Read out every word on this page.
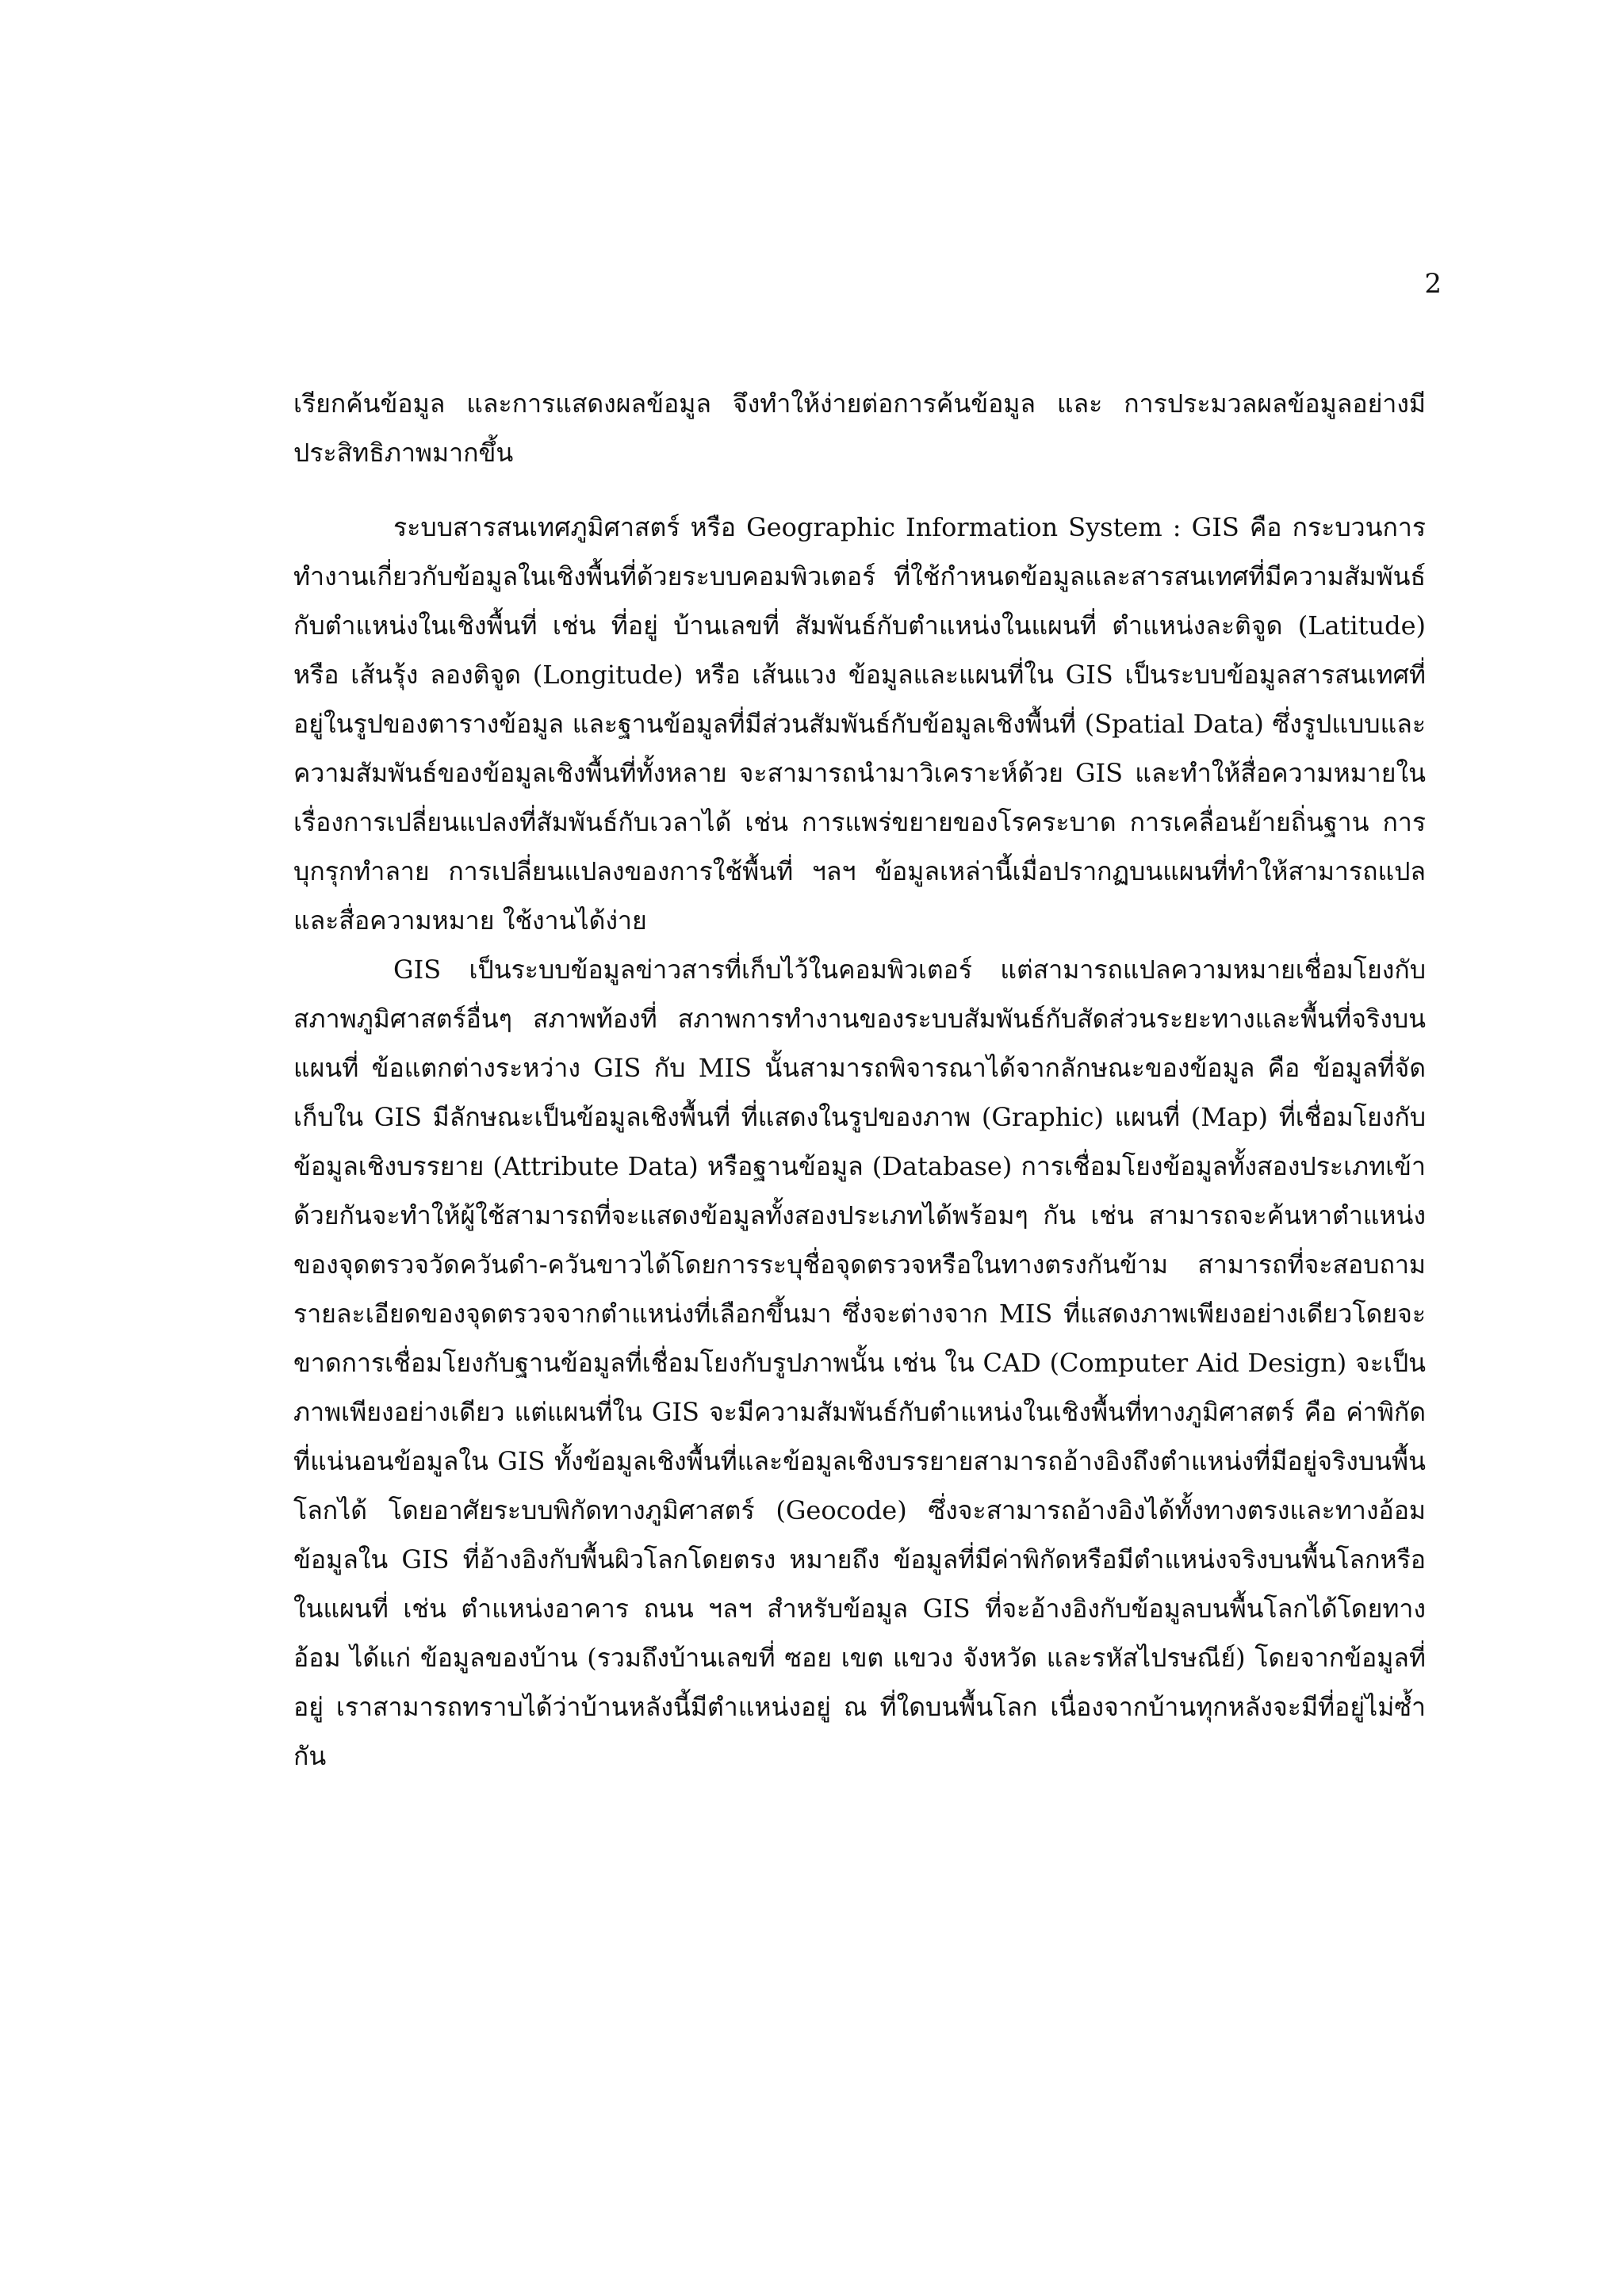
2

เรียกค้นข้อมูล และการแสดงผลข้อมูล จึงทำให้ง่ายต่อการค้นข้อมูล และ การประมวลผลข้อมูลอย่างมีประสิทธิภาพมากขึ้น

ระบบสารสนเทศภูมิศาสตร์ หรือ Geographic Information System : GIS คือ กระบวนการทำงานเกี่ยวกับข้อมูลในเชิงพื้นที่ด้วยระบบคอมพิวเตอร์ ที่ใช้กำหนดข้อมูลและสารสนเทศที่มีความสัมพันธ์กับตำแหน่งในเชิงพื้นที่ เช่น ที่อยู่ บ้านเลขที่ สัมพันธ์กับตำแหน่งในแผนที่ ตำแหน่งละติจูด (Latitude) หรือ เส้นรุ้ง ลองติจูด (Longitude) หรือ เส้นแวง ข้อมูลและแผนที่ใน GIS เป็นระบบข้อมูลสารสนเทศที่อยู่ในรูปของตารางข้อมูล และฐานข้อมูลที่มีส่วนสัมพันธ์กับข้อมูลเชิงพื้นที่ (Spatial Data) ซึ่งรูปแบบและความสัมพันธ์ของข้อมูลเชิงพื้นที่ทั้งหลาย จะสามารถนำมาวิเคราะห์ด้วย GIS และทำให้สื่อความหมายในเรื่องการเปลี่ยนแปลงที่สัมพันธ์กับเวลาได้ เช่น การแพร่ขยายของโรคระบาด การเคลื่อนย้ายถิ่นฐาน การบุกรุกทำลาย การเปลี่ยนแปลงของการใช้พื้นที่ ฯลฯ ข้อมูลเหล่านี้เมื่อปรากฏบนแผนที่ทำให้สามารถแปลและสื่อความหมาย ใช้งานได้ง่าย

GIS เป็นระบบข้อมูลข่าวสารที่เก็บไว้ในคอมพิวเตอร์ แต่สามารถแปลความหมายเชื่อมโยงกับสภาพภูมิศาสตร์อื่นๆ สภาพท้องที่ สภาพการทำงานของระบบสัมพันธ์กับสัดส่วนระยะทางและพื้นที่จริงบนแผนที่ ข้อแตกต่างระหว่าง GIS กับ MIS นั้นสามารถพิจารณาได้จากลักษณะของข้อมูล คือ ข้อมูลที่จัดเก็บใน GIS มีลักษณะเป็นข้อมูลเชิงพื้นที่ ที่แสดงในรูปของภาพ (Graphic) แผนที่ (Map) ที่เชื่อมโยงกับข้อมูลเชิงบรรยาย (Attribute Data) หรือฐานข้อมูล (Database) การเชื่อมโยงข้อมูลทั้งสองประเภทเข้าด้วยกันจะทำให้ผู้ใช้สามารถที่จะแสดงข้อมูลทั้งสองประเภทได้พร้อมๆ กัน เช่น สามารถจะค้นหาตำแหน่งของจุดตรวจวัดควันดำ-ควันขาวได้โดยการระบุชื่อจุดตรวจหรือในทางตรงกันข้าม สามารถที่จะสอบถามรายละเอียดของจุดตรวจจากตำแหน่งที่เลือกขึ้นมา ซึ่งจะต่างจาก MIS ที่แสดงภาพเพียงอย่างเดียวโดยจะขาดการเชื่อมโยงกับฐานข้อมูลที่เชื่อมโยงกับรูปภาพนั้น เช่น ใน CAD (Computer Aid Design) จะเป็นภาพเพียงอย่างเดียว แต่แผนที่ใน GIS จะมีความสัมพันธ์กับตำแหน่งในเชิงพื้นที่ทางภูมิศาสตร์ คือ ค่าพิกัดที่แน่นอนข้อมูลใน GIS ทั้งข้อมูลเชิงพื้นที่และข้อมูลเชิงบรรยายสามารถอ้างอิงถึงตำแหน่งที่มีอยู่จริงบนพื้นโลกได้ โดยอาศัยระบบพิกัดทางภูมิศาสตร์ (Geocode) ซึ่งจะสามารถอ้างอิงได้ทั้งทางตรงและทางอ้อม ข้อมูลใน GIS ที่อ้างอิงกับพื้นผิวโลกโดยตรง หมายถึง ข้อมูลที่มีค่าพิกัดหรือมีตำแหน่งจริงบนพื้นโลกหรือในแผนที่ เช่น ตำแหน่งอาคาร ถนน ฯลฯ สำหรับข้อมูล GIS ที่จะอ้างอิงกับข้อมูลบนพื้นโลกได้โดยทางอ้อม ได้แก่ ข้อมูลของบ้าน (รวมถึงบ้านเลขที่ ซอย เขต แขวง จังหวัด และรหัสไปรษณีย์) โดยจากข้อมูลที่อยู่ เราสามารถทราบได้ว่าบ้านหลังนี้มีตำแหน่งอยู่ ณ ที่ใดบนพื้นโลก เนื่องจากบ้านทุกหลังจะมีที่อยู่ไม่ซ้ำกัน
